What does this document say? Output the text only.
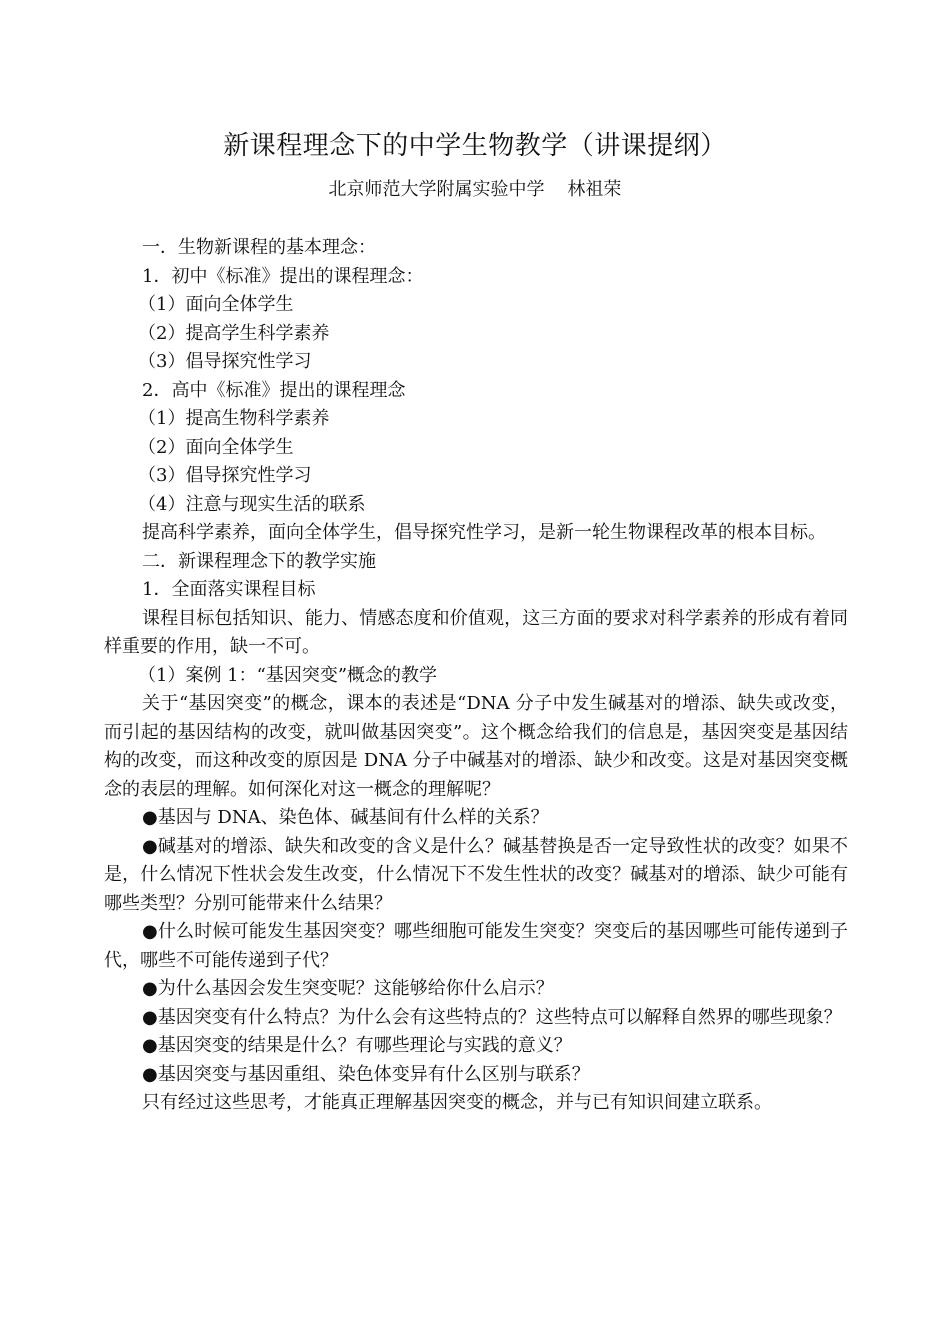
新课程理念下的中学生物教学（讲课提纲）
北京师范大学附属实验中学    林祖荣

一．生物新课程的基本理念：

1．初中《标准》提出的课程理念：

（1）面向全体学生

（2）提高学生科学素养

（3）倡导探究性学习

2．高中《标准》提出的课程理念

（1）提高生物科学素养

（2）面向全体学生

（3）倡导探究性学习

（4）注意与现实生活的联系

提高科学素养，面向全体学生，倡导探究性学习，是新一轮生物课程改革的根本目标。

二．新课程理念下的教学实施

1．全面落实课程目标

课程目标包括知识、能力、情感态度和价值观，这三方面的要求对科学素养的形成有着同样重要的作用，缺一不可。

（1）案例 1：“基因突变”概念的教学

关于“基因突变”的概念，课本的表述是“DNA 分子中发生碱基对的增添、缺失或改变，而引起的基因结构的改变，就叫做基因突变”。这个概念给我们的信息是，基因突变是基因结构的改变，而这种改变的原因是 DNA 分子中碱基对的增添、缺少和改变。这是对基因突变概念的表层的理解。如何深化对这一概念的理解呢？

●基因与 DNA、染色体、碱基间有什么样的关系？

●碱基对的增添、缺失和改变的含义是什么？碱基替换是否一定导致性状的改变？如果不是，什么情况下性状会发生改变，什么情况下不发生性状的改变？碱基对的增添、缺少可能有哪些类型？分别可能带来什么结果？

●什么时候可能发生基因突变？哪些细胞可能发生突变？突变后的基因哪些可能传递到子代，哪些不可能传递到子代？

●为什么基因会发生突变呢？这能够给你什么启示？

●基因突变有什么特点？为什么会有这些特点的？这些特点可以解释自然界的哪些现象？

●基因突变的结果是什么？有哪些理论与实践的意义？

●基因突变与基因重组、染色体变异有什么区别与联系？

只有经过这些思考，才能真正理解基因突变的概念，并与已有知识间建立联系。
